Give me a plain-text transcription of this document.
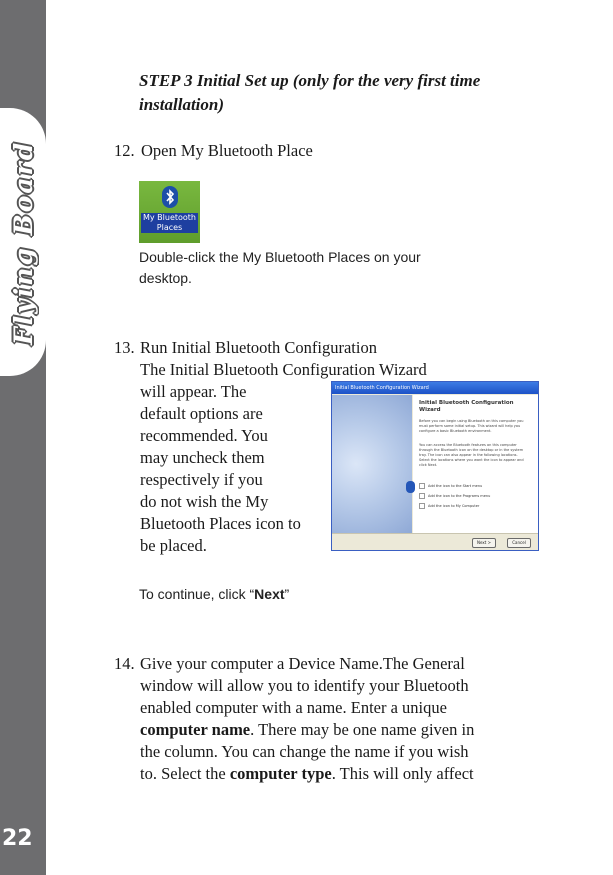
Flying Board
22
STEP 3 Initial Set up (only for the very first time
installation)
12. Open My Bluetooth Place
My Bluetooth
Places
Double-click the My Bluetooth Places on your
desktop.
13. Run Initial Bluetooth Configuration
The Initial Bluetooth Configuration Wizard
will appear. The
default options are
recommended. You
may uncheck them
respectively if you
do not wish the My
Bluetooth Places icon to
be placed.
To continue, click “Next”
Initial Bluetooth Configuration Wizard
Initial Bluetooth Configuration
Wizard
Before you can begin using Bluetooth on this computer you must perform some initial setup. This wizard will help you configure a basic Bluetooth environment.
You can access the Bluetooth features on this computer through the Bluetooth icon on the desktop or in the system tray. The icon can also appear in the following locations. Select the locations where you want the icon to appear and click Next.
Add the icon to the Start menu
Add the icon to the Programs menu
Add the icon to My Computer
Next >	Cancel
14. Give your computer a Device Name.The General
window will allow you to identify your Bluetooth
enabled computer with a name. Enter a unique
computer name. There may be one name given in
the column. You can change the name if you wish
to. Select the computer type. This will only affect
